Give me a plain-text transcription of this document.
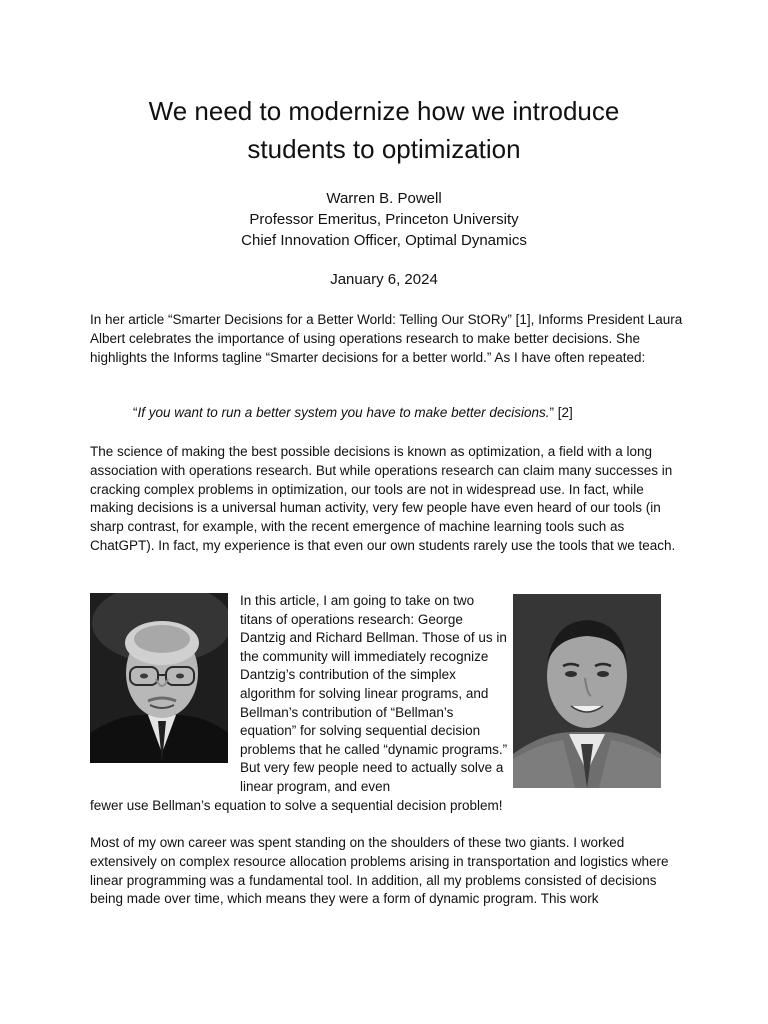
We need to modernize how we introduce
students to optimization
Warren B. Powell
Professor Emeritus, Princeton University
Chief Innovation Officer, Optimal Dynamics
January 6, 2024

In her article “Smarter Decisions for a Better World: Telling Our StORy” [1], Informs President Laura Albert celebrates the importance of using operations research to make better decisions. She highlights the Informs tagline “Smarter decisions for a better world.” As I have often repeated:

“If you want to run a better system you have to make better decisions.” [2]

The science of making the best possible decisions is known as optimization, a field with a long association with operations research. But while operations research can claim many successes in cracking complex problems in optimization, our tools are not in widespread use. In fact, while making decisions is a universal human activity, very few people have even heard of our tools (in sharp contrast, for example, with the recent emergence of machine learning tools such as ChatGPT). In fact, my experience is that even our own students rarely use the tools that we teach.

In this article, I am going to take on two titans of operations research: George Dantzig and Richard Bellman. Those of us in the community will immediately recognize Dantzig’s contribution of the simplex algorithm for solving linear programs, and Bellman’s contribution of “Bellman’s equation” for solving sequential decision problems that he called “dynamic programs.” But very few people need to actually solve a linear program, and even

fewer use Bellman’s equation to solve a sequential decision problem!

Most of my own career was spent standing on the shoulders of these two giants. I worked extensively on complex resource allocation problems arising in transportation and logistics where linear programming was a fundamental tool. In addition, all my problems consisted of decisions being made over time, which means they were a form of dynamic program. This work
